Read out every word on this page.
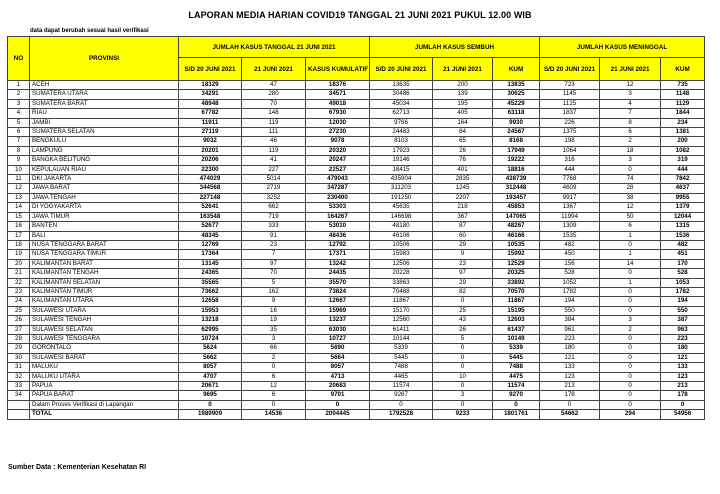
LAPORAN MEDIA HARIAN COVID19 TANGGAL 21 JUNI 2021 PUKUL 12.00 WIB
data dapat berubah sesuai hasil verifikasi
NO	PROVINSI	JUMLAH KASUS TANGGAL 21 JUNI 2021			JUMLAH KASUS SEMBUH			JUMLAH KASUS MENINGGAL		
		S/D 20 JUNI 2021	21 JUNI 2021	KASUS KUMULATIF	S/D 20 JUNI 2021	21 JUNI 2021	KUM	S/D 20 JUNI 2021	21 JUNI 2021	KUM
1	ACEH	18329	47	18376	13635	200	13835	723	12	735
2	SUMATERA UTARA	34291	280	34571	30486	139	30625	1145	3	1148
3	SUMATERA BARAT	48948	70	49018	45034	195	45229	1125	4	1129
4	RIAU	67782	148	67930	62713	405	63118	1837	7	1844
5	JAMBI	11911	119	12030	9766	164	9930	226	8	234
6	SUMATERA SELATAN	27119	111	27230	24483	84	24567	1375	6	1381
7	BENGKULU	9032	46	9078	8103	65	8168	198	2	200
8	LAMPUNG	20201	119	20320	17923	26	17949	1064	18	1082
9	BANGKA BELITUNG	20206	41	20247	19146	76	19222	316	3	319
10	KEPULAUAN RIAU	22300	227	22527	18415	401	18816	444	0	444
11	DKI JAKARTA	474029	5014	479043	435904	2835	438739	7768	74	7842
12	JAWA BARAT	344568	2719	347287	311203	1245	312448	4609	28	4637
13	JAWA TENGAH	227148	3252	230400	191250	2207	193457	9917	38	9955
14	DI YOGYAKARTA	52641	662	53303	45635	218	45853	1367	12	1379
15	JAWA TIMUR	163548	719	164267	146698	367	147065	11994	50	12044
16	BANTEN	52677	333	53010	48180	87	48267	1309	6	1315
17	BALI	48345	91	48436	46106	60	46166	1535	1	1536
18	NUSA TENGGARA BARAT	12769	23	12792	10506	29	10535	482	0	482
19	NUSA TENGGARA TIMUR	17364	7	17371	15983	9	15992	450	1	451
20	KALIMANTAN BARAT	13145	97	13242	12506	23	12529	156	14	170
21	KALIMANTAN TENGAH	24365	70	24435	20228	97	20325	528	0	528
22	KALIMANTAN SELATAN	35565	5	35570	33863	29	33892	1052	1	1053
23	KALIMANTAN TIMUR	73662	162	73824	70488	82	70570	1782	0	1782
24	KALIMANTAN UTARA	12658	9	12667	11867	0	11867	194	0	194
25	SULAWESI UTARA	15953	16	15969	15170	25	15195	550	0	550
26	SULAWESI TENGAH	13218	19	13237	12560	43	12603	384	3	387
27	SULAWESI SELATAN	62995	35	63030	61411	26	61437	961	2	963
28	SULAWESI TENGGARA	10724	3	10727	10144	5	10149	223	0	223
29	GORONTALO	5624	66	5690	5339	0	5339	180	0	180
30	SULAWESI BARAT	5662	2	5664	5445	0	5445	121	0	121
31	MALUKU	8057	0	8057	7488	0	7488	133	0	133
32	MALUKU UTARA	4707	6	4713	4465	10	4475	123	0	123
33	PAPUA	20671	12	20683	11574	0	11574	213	0	213
34	PAPUA BARAT	9695	6	9701	9267	3	9270	178	0	178
	Dalam Proses Verifikasi di Lapangan	0	0	0	0	0	0	0	0	0
	TOTAL	1989909	14536	2004445	1792528	9233	1801761	54662	294	54956
Sumber Data : Kementerian Kesehatan RI
